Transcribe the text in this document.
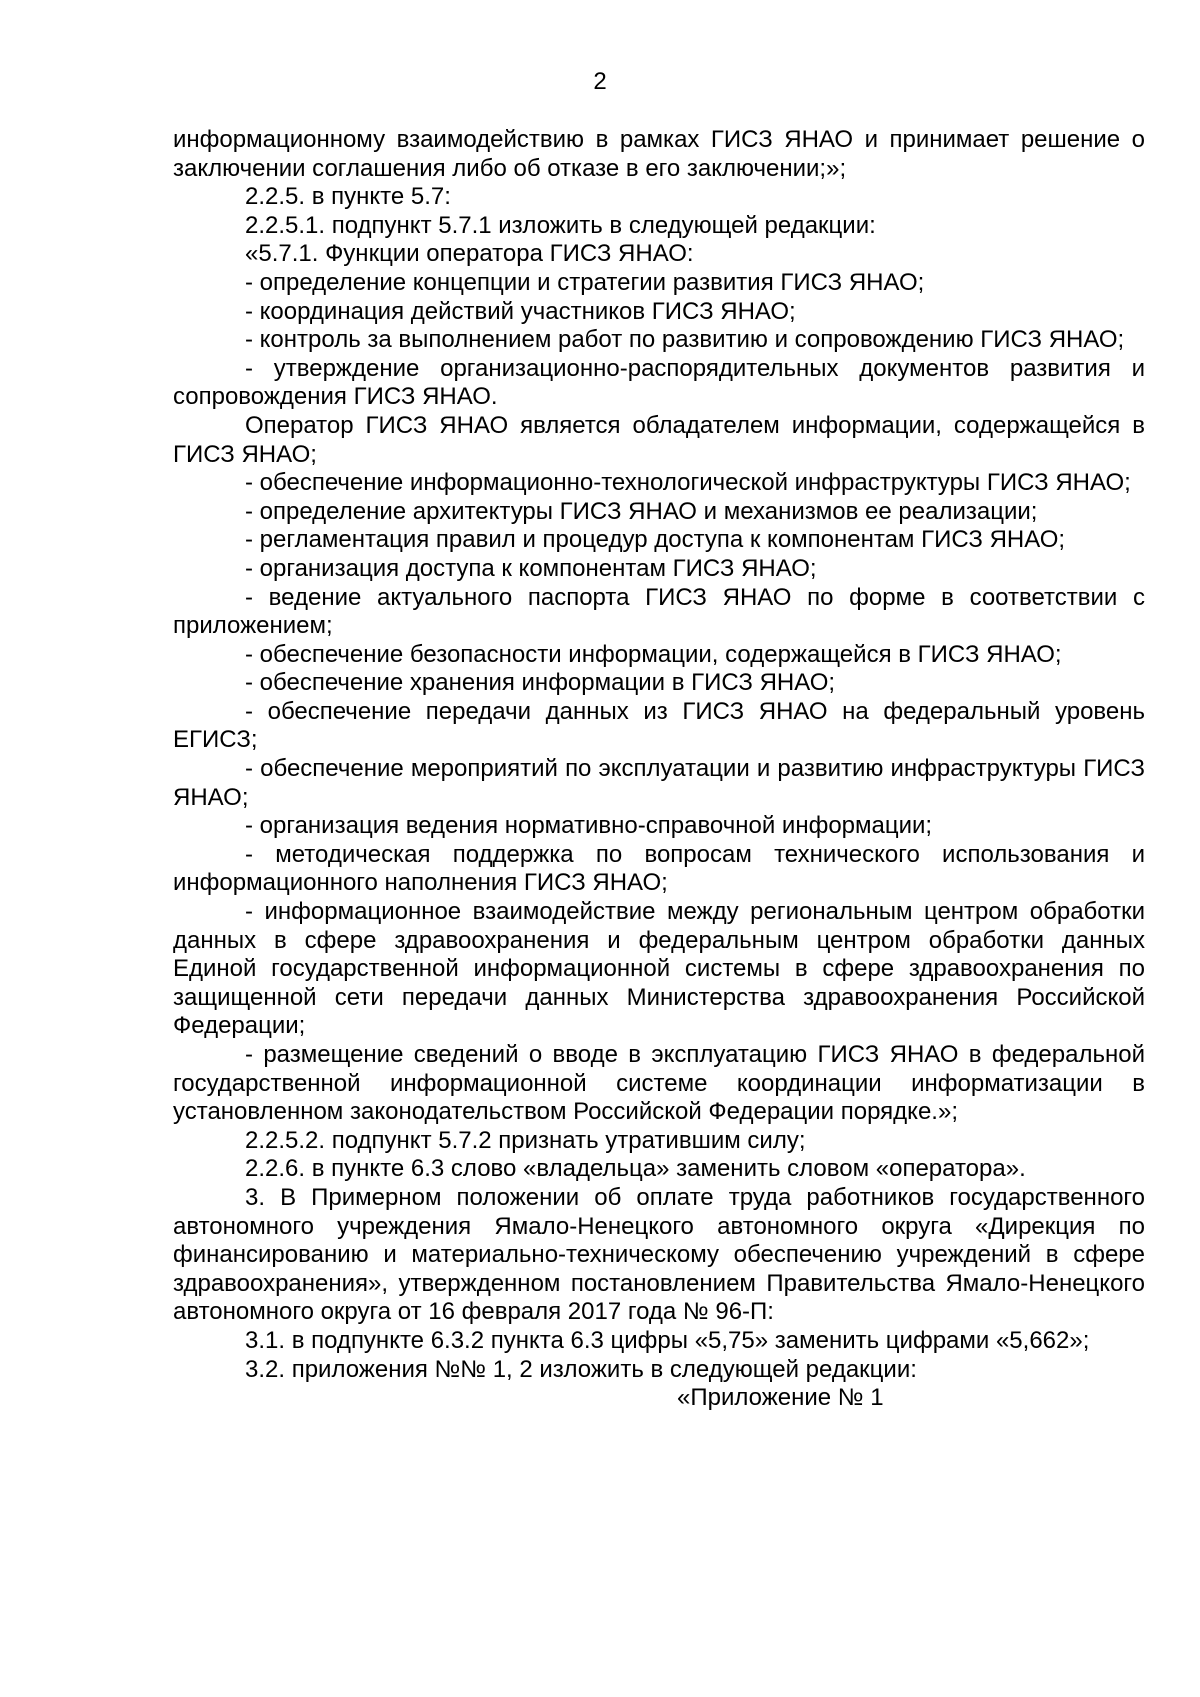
2

информационному взаимодействию в рамках ГИСЗ ЯНАО и принимает решение о заключении соглашения либо об отказе в его заключении;»;

2.2.5. в пункте 5.7:

2.2.5.1. подпункт 5.7.1 изложить в следующей редакции:

«5.7.1. Функции оператора ГИСЗ ЯНАО:

- определение концепции и стратегии развития ГИСЗ ЯНАО;

- координация действий участников ГИСЗ ЯНАО;

- контроль за выполнением работ по развитию и сопровождению ГИСЗ ЯНАО;

- утверждение организационно-распорядительных документов развития и сопровождения ГИСЗ ЯНАО.

Оператор ГИСЗ ЯНАО является обладателем информации, содержащейся в ГИСЗ ЯНАО;

- обеспечение информационно-технологической инфраструктуры ГИСЗ ЯНАО;

- определение архитектуры ГИСЗ ЯНАО и механизмов ее реализации;

- регламентация правил и процедур доступа к компонентам ГИСЗ ЯНАО;

- организация доступа к компонентам ГИСЗ ЯНАО;

- ведение актуального паспорта ГИСЗ ЯНАО по форме в соответствии с приложением;

- обеспечение безопасности информации, содержащейся в ГИСЗ ЯНАО;

- обеспечение хранения информации в ГИСЗ ЯНАО;

- обеспечение передачи данных из ГИСЗ ЯНАО на федеральный уровень ЕГИСЗ;

- обеспечение мероприятий по эксплуатации и развитию инфраструктуры ГИСЗ ЯНАО;

- организация ведения нормативно-справочной информации;

- методическая поддержка по вопросам технического использования и информационного наполнения ГИСЗ ЯНАО;

- информационное взаимодействие между региональным центром обработки данных в сфере здравоохранения и федеральным центром обработки данных Единой государственной информационной системы в сфере здравоохранения по защищенной сети передачи данных Министерства здравоохранения Российской Федерации;

- размещение сведений о вводе в эксплуатацию ГИСЗ ЯНАО в федеральной государственной информационной системе координации информатизации в установленном законодательством Российской Федерации порядке.»;

2.2.5.2. подпункт 5.7.2 признать утратившим силу;

2.2.6. в пункте 6.3 слово «владельца» заменить словом «оператора».

3. В Примерном положении об оплате труда работников государственного автономного учреждения Ямало-Ненецкого автономного округа «Дирекция по финансированию и материально-техническому обеспечению учреждений в сфере здравоохранения», утвержденном постановлением Правительства Ямало-Ненецкого автономного округа от 16 февраля 2017 года № 96-П:

3.1. в подпункте 6.3.2 пункта 6.3 цифры «5,75» заменить цифрами «5,662»;

3.2. приложения №№ 1, 2 изложить в следующей редакции:

«Приложение № 1
